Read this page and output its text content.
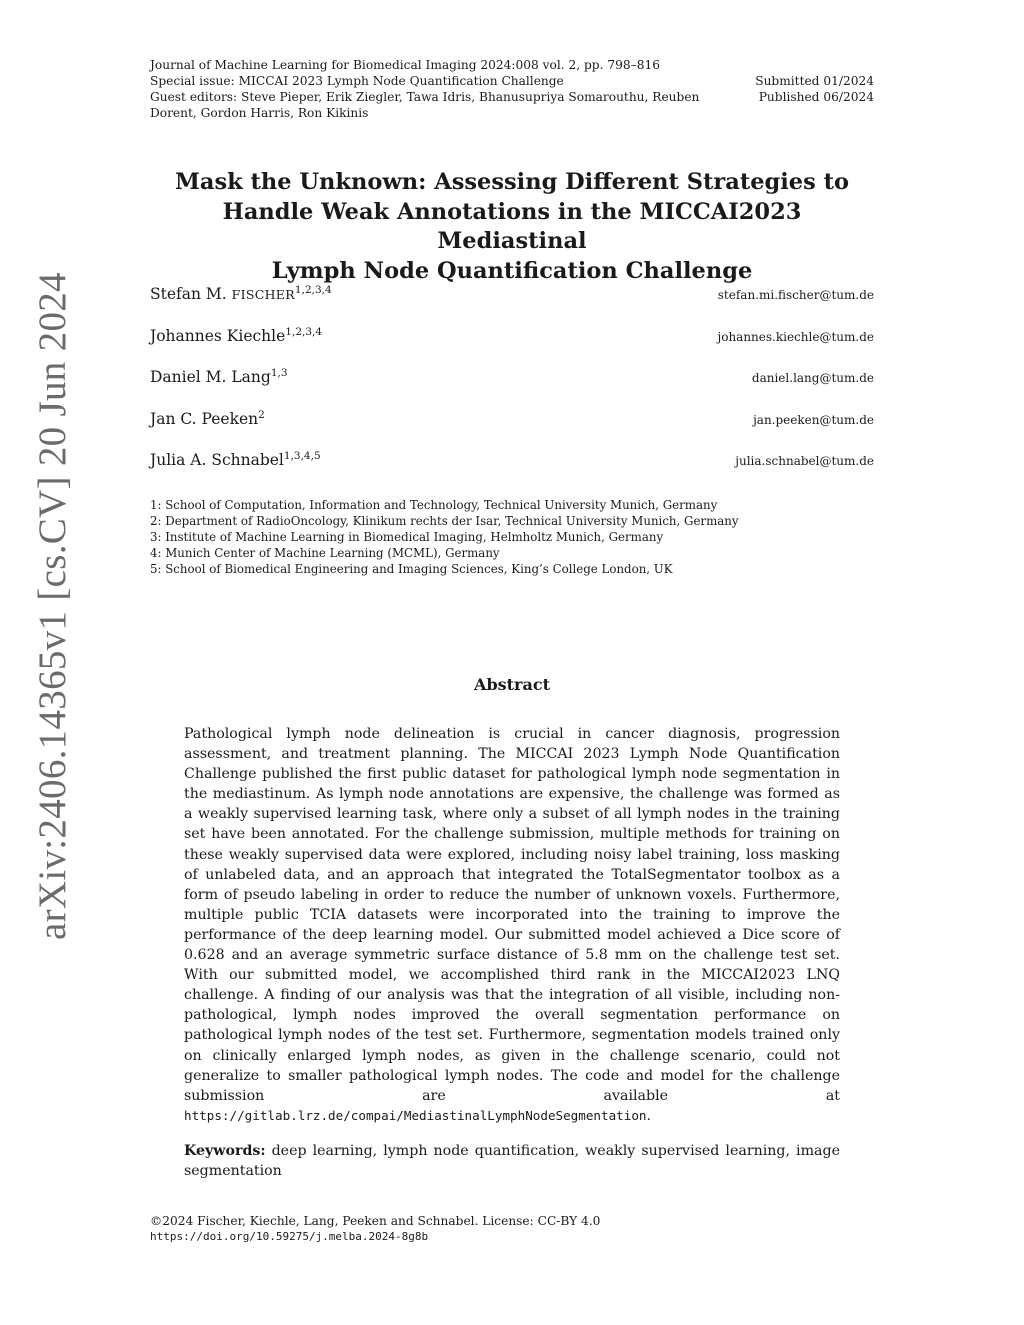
arXiv:2406.14365v1 [cs.CV] 20 Jun 2024
Journal of Machine Learning for Biomedical Imaging 2024:008 vol. 2, pp. 798–816
Special issue: MICCAI 2023 Lymph Node Quantification Challenge	Submitted 01/2024
Guest editors: Steve Pieper, Erik Ziegler, Tawa Idris, Bhanusupriya Somarouthu, Reuben	Published 06/2024
Dorent, Gordon Harris, Ron Kikinis
Mask the Unknown: Assessing Different Strategies to
Handle Weak Annotations in the MICCAI2023 Mediastinal
Lymph Node Quantification Challenge
Stefan M. FISCHER$^{1,2,3,4}$	stefan.mi.fischer@tum.de
Johannes Kiechle$^{1,2,3,4}$	johannes.kiechle@tum.de
Daniel M. Lang$^{1,3}$	daniel.lang@tum.de
Jan C. Peeken$^2$	jan.peeken@tum.de
Julia A. Schnabel$^{1,3,4,5}$	julia.schnabel@tum.de
1: School of Computation, Information and Technology, Technical University Munich, Germany
2: Department of RadioOncology, Klinikum rechts der Isar, Technical University Munich, Germany
3: Institute of Machine Learning in Biomedical Imaging, Helmholtz Munich, Germany
4: Munich Center of Machine Learning (MCML), Germany
5: School of Biomedical Engineering and Imaging Sciences, King’s College London, UK
Abstract
Pathological lymph node delineation is crucial in cancer diagnosis, progression assessment, and treatment planning. The MICCAI 2023 Lymph Node Quantification Challenge published the first public dataset for pathological lymph node segmentation in the mediastinum. As lymph node annotations are expensive, the challenge was formed as a weakly supervised learning task, where only a subset of all lymph nodes in the training set have been annotated. For the challenge submission, multiple methods for training on these weakly supervised data were explored, including noisy label training, loss masking of unlabeled data, and an approach that integrated the TotalSegmentator toolbox as a form of pseudo labeling in order to reduce the number of unknown voxels. Furthermore, multiple public TCIA datasets were incorporated into the training to improve the performance of the deep learning model. Our submitted model achieved a Dice score of 0.628 and an average symmetric surface distance of 5.8 mm on the challenge test set. With our submitted model, we accomplished third rank in the MICCAI2023 LNQ challenge. A finding of our analysis was that the integration of all visible, including non-pathological, lymph nodes improved the overall segmentation performance on pathological lymph nodes of the test set. Furthermore, segmentation models trained only on clinically enlarged lymph nodes, as given in the challenge scenario, could not generalize to smaller pathological lymph nodes. The code and model for the challenge submission are available at https://gitlab.lrz.de/compai/MediastinalLymphNodeSegmentation.
Keywords: deep learning, lymph node quantification, weakly supervised learning, image segmentation
©2024 Fischer, Kiechle, Lang, Peeken and Schnabel. License: CC-BY 4.0
https://doi.org/10.59275/j.melba.2024-8g8b
